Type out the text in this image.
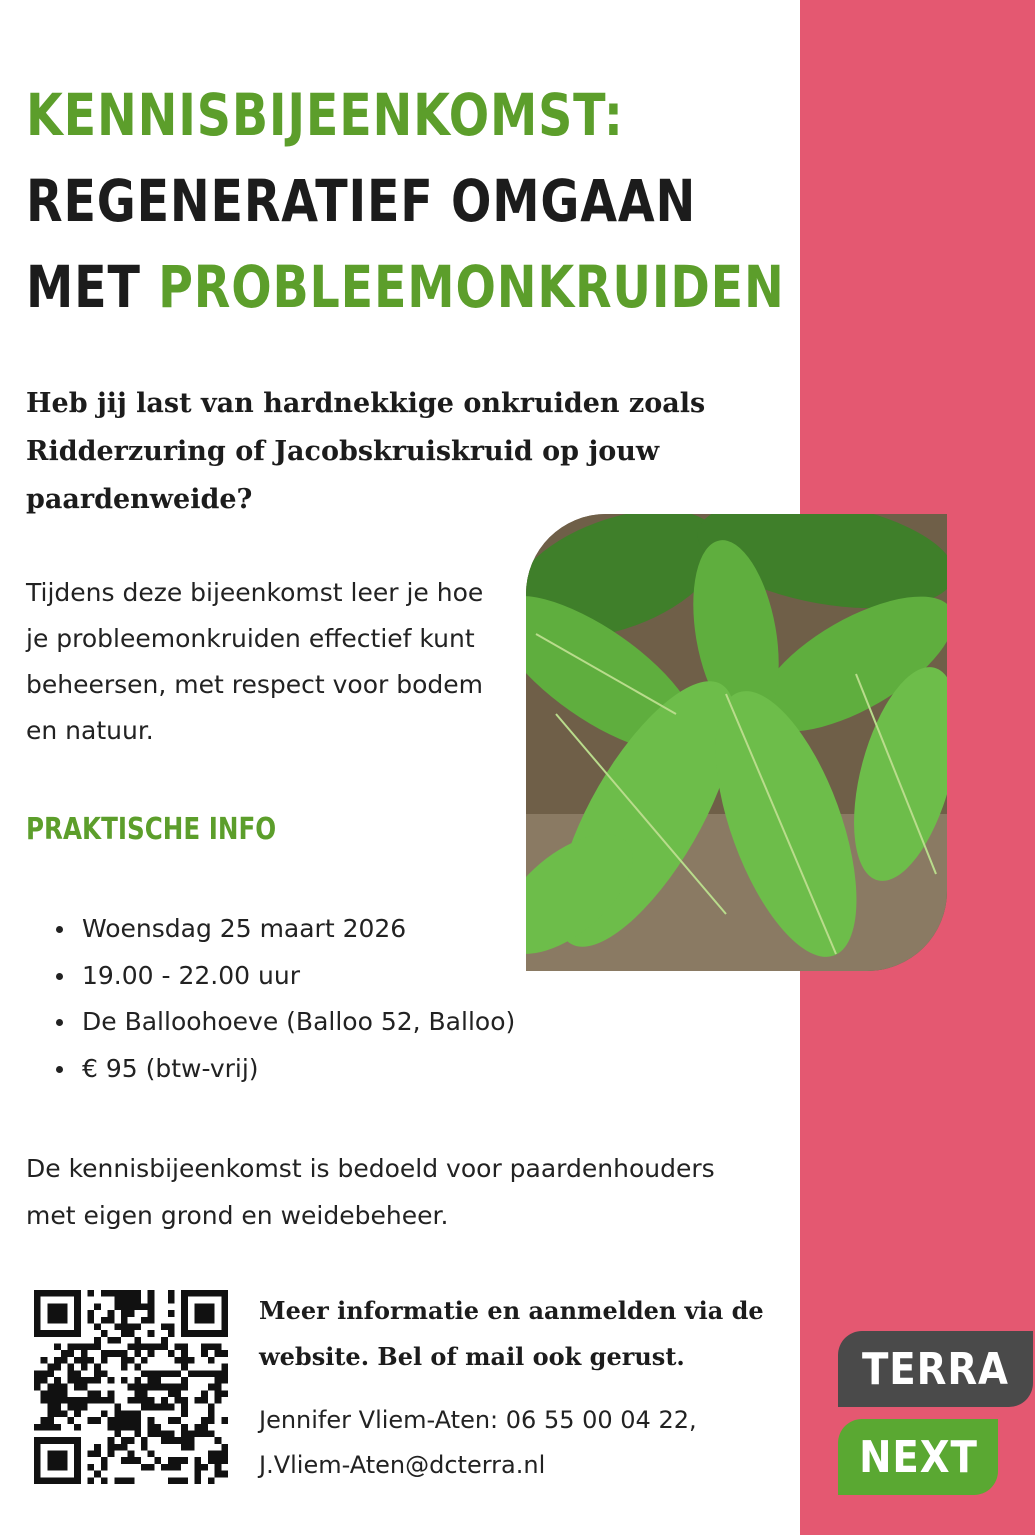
KENNISBIJEENKOMST:
REGENERATIEF OMGAAN
MET PROBLEEMONKRUIDEN

Heb jij last van hardnekkige onkruiden zoals Ridderzuring of Jacobskruiskruid op jouw paardenweide?

Tijdens deze bijeenkomst leer je hoe je probleemonkruiden effectief kunt beheersen, met respect voor bodem en natuur.

PRAKTISCHE INFO
Woensdag 25 maart 2026
19.00 - 22.00 uur
De Balloohoeve (Balloo 52, Balloo)
€ 95 (btw-vrij)

De kennisbijeenkomst is bedoeld voor paardenhouders met eigen grond en weidebeheer.

Meer informatie en aanmelden via de website. Bel of mail ook gerust.

Jennifer Vliem-Aten: 06 55 00 04 22,
J.Vliem-Aten@dcterra.nl

TERRA
NEXT
